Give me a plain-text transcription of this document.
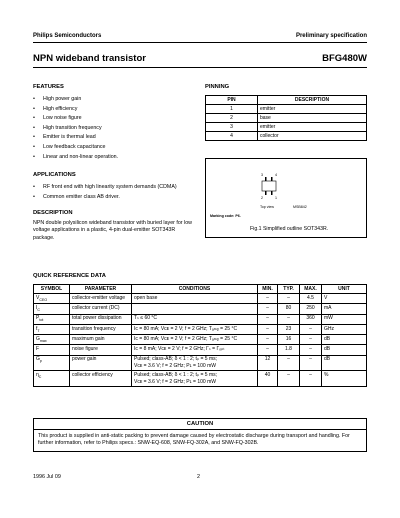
Philips Semiconductors	Preliminary specification
NPN wideband transistor	BFG480W
FEATURES
• High power gain
• High efficiency
• Low noise figure
• High transition frequency
• Emitter is thermal lead
• Low feedback capacitance
• Linear and non-linear operation.
APPLICATIONS
• RF front end with high linearity system demands (CDMA)
• Common emitter class AB driver.
DESCRIPTION
NPN double polysilicon wideband transistor with buried layer for low voltage applications in a plastic, 4-pin dual-emitter SOT343R package.
PINNING
PIN	DESCRIPTION
1	emitter
2	base
3	emitter
4	collector
3	4
2	1
Top view	MSB842
Marking code: P6.
Fig.1 Simplified outline SOT343R.
QUICK REFERENCE DATA
SYMBOL	PARAMETER	CONDITIONS	MIN.	TYP.	MAX.	UNIT
$V_{CEO}$	collector-emitter voltage	open base	–	–	4.5	V
$I_C$	collector current (DC)		–	80	250	mA
$P_{tot}$	total power dissipation	Tₛ ≤ 60 °C	–	–	360	mW
$f_T$	transition frequency	Iᴄ = 80 mA; Vᴄᴇ = 2 V; f = 2 GHz; Tₐₘᵦ = 25 °C	–	23	–	GHz
$G_{max}$	maximum gain	Iᴄ = 80 mA; Vᴄᴇ = 2 V; f = 2 GHz; Tₐₘᵦ = 25 °C	–	16	–	dB
F	noise figure	Iᴄ = 8 mA; Vᴄᴇ = 2 V; f = 2 GHz; Γₛ = Γₒₚₜ	–	1.8	–	dB
$G_p$	power gain	Pulsed; class-AB; δ < 1 : 2; tₚ = 5 ms;
Vᴄᴇ = 3.6 V; f = 2 GHz; Pʟ = 100 mW	12	–	–	dB
$\eta_C$	collector efficiency	Pulsed; class-AB; δ < 1 : 2; tₚ = 5 ms;
Vᴄᴇ = 3.6 V; f = 2 GHz; Pʟ = 100 mW	40	–	–	%
CAUTION
This product is supplied in anti-static packing to prevent damage caused by electrostatic discharge during transport and handling. For further information, refer to Philips specs.: SNW-EQ-608, SNW-FQ-302A, and SNW-FQ-302B.
1996 Jul 09	2
